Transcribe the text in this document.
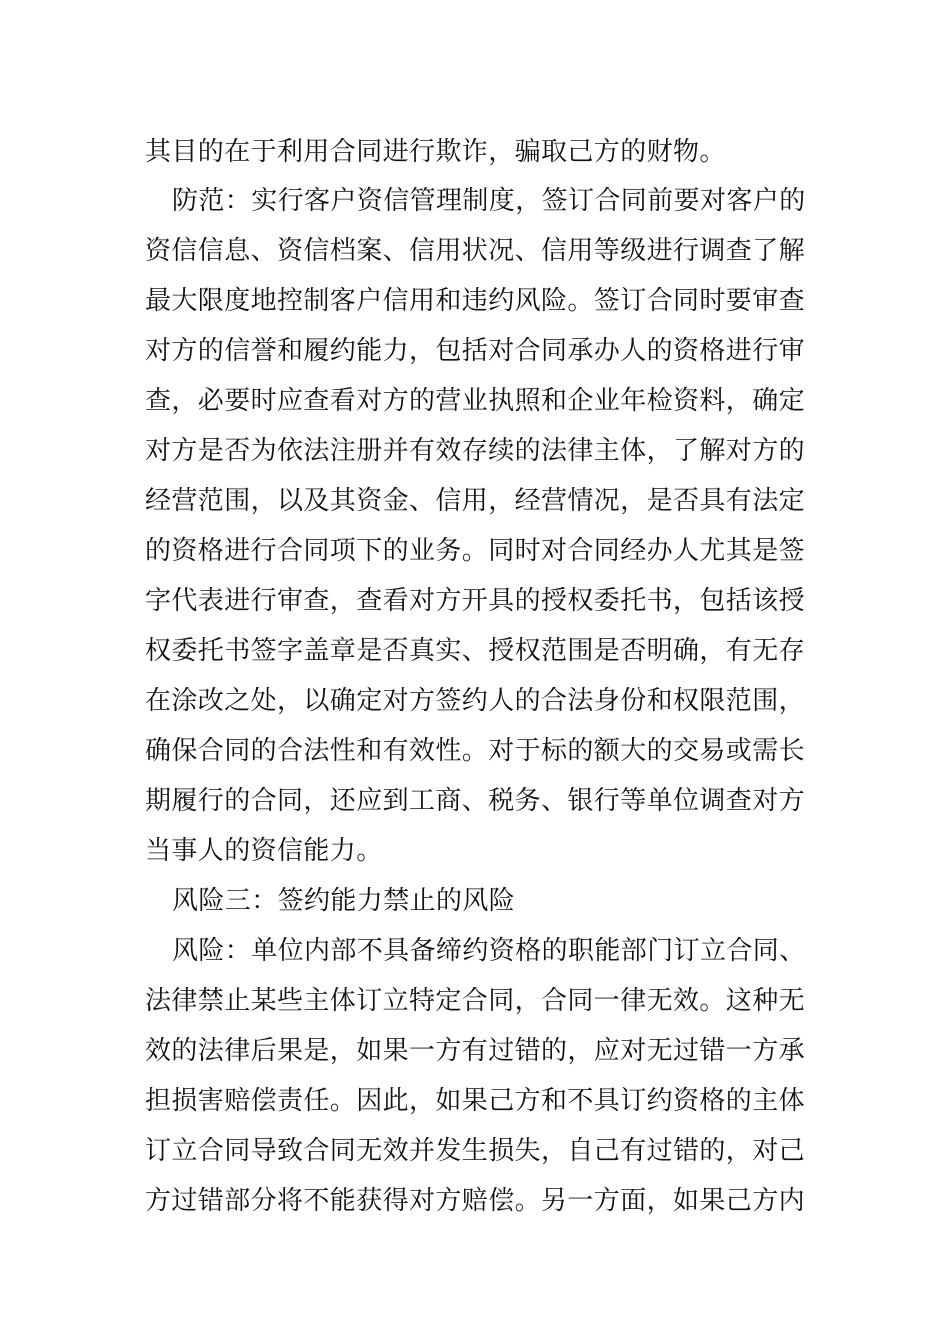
其目的在于利用合同进行欺诈，骗取己方的财物。
防范：实行客户资信管理制度，签订合同前要对客户的
资信信息、资信档案、信用状况、信用等级进行调查了解
最大限度地控制客户信用和违约风险。签订合同时要审查
对方的信誉和履约能力，包括对合同承办人的资格进行审
查，必要时应查看对方的营业执照和企业年检资料，确定
对方是否为依法注册并有效存续的法律主体，了解对方的
经营范围，以及其资金、信用，经营情况，是否具有法定
的资格进行合同项下的业务。同时对合同经办人尤其是签
字代表进行审查，查看对方开具的授权委托书，包括该授
权委托书签字盖章是否真实、授权范围是否明确，有无存
在涂改之处，以确定对方签约人的合法身份和权限范围，
确保合同的合法性和有效性。对于标的额大的交易或需长
期履行的合同，还应到工商、税务、银行等单位调查对方
当事人的资信能力。
风险三：签约能力禁止的风险
风险：单位内部不具备缔约资格的职能部门订立合同、
法律禁止某些主体订立特定合同，合同一律无效。这种无
效的法律后果是，如果一方有过错的，应对无过错一方承
担损害赔偿责任。因此，如果己方和不具订约资格的主体
订立合同导致合同无效并发生损失，自己有过错的，对己
方过错部分将不能获得对方赔偿。另一方面，如果己方内
